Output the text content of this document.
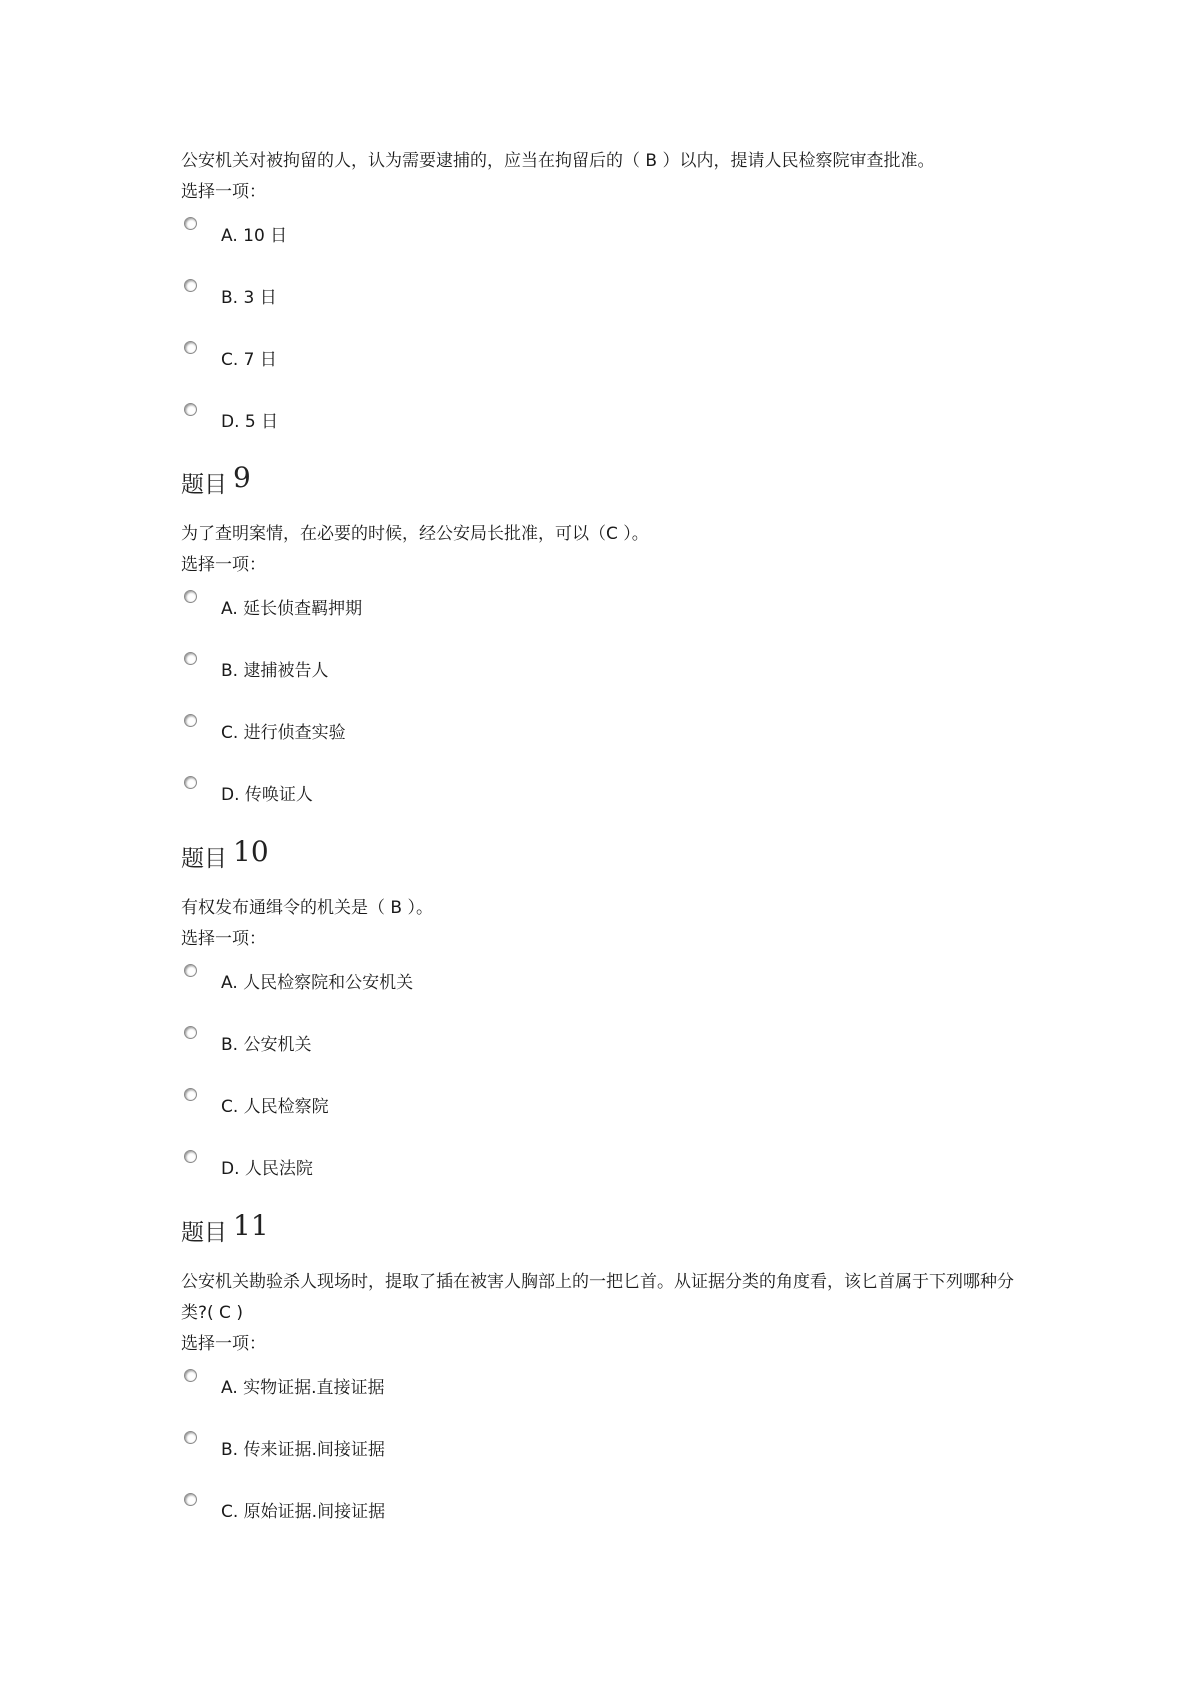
公安机关对被拘留的人，认为需要逮捕的，应当在拘留后的（ B ）以内，提请人民检察院审查批准。

选择一项：

A. 10 日
B. 3 日
C. 7 日
D. 5 日
题目 9

为了查明案情，在必要的时候，经公安局长批准，可以（C ）。

选择一项：

A. 延长侦查羁押期
B. 逮捕被告人
C. 进行侦查实验
D. 传唤证人
题目 10

有权发布通缉令的机关是（ B ）。

选择一项：

A. 人民检察院和公安机关
B. 公安机关
C. 人民检察院
D. 人民法院
题目 11

公安机关勘验杀人现场时，提取了插在被害人胸部上的一把匕首。从证据分类的角度看，该匕首属于下列哪种分类?( C )

选择一项：

A. 实物证据.直接证据
B. 传来证据.间接证据
C. 原始证据.间接证据
